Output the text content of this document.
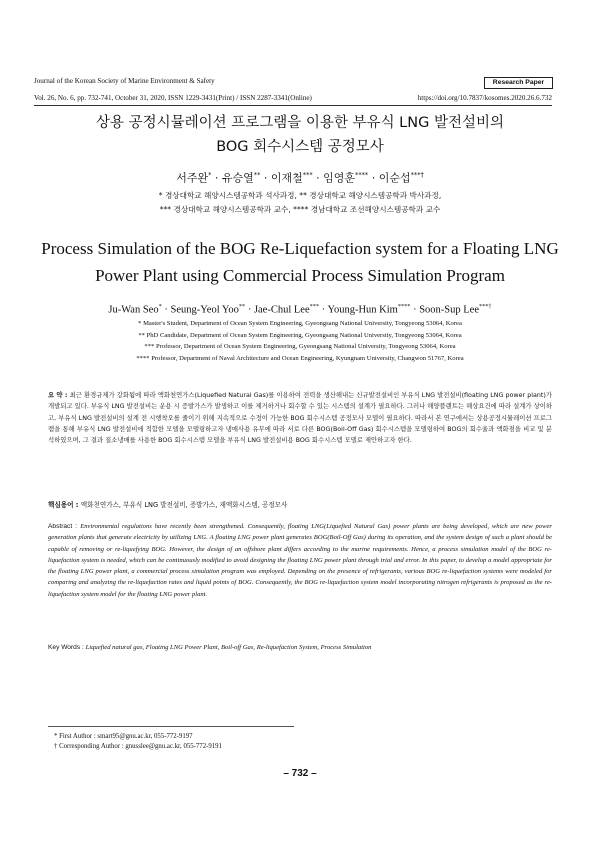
Journal of the Korean Society of Marine Environment & Safety	Research Paper
Vol. 26, No. 6, pp. 732-741, October 31, 2020, ISSN 1229-3431(Print) / ISSN 2287-3341(Online)	https://doi.org/10.7837/kosomes.2020.26.6.732
상용 공정시뮬레이션 프로그램을 이용한 부유식 LNG 발전설비의
BOG 회수시스템 공정모사
서주완* · 유승열** · 이재철*** · 임영훈**** · 이순섭***†
* 경상대학교 해양시스템공학과 석사과정, ** 경상대학교 해양시스템공학과 박사과정,
*** 경상대학교 해양시스템공학과 교수, **** 경남대학교 조선해양시스템공학과 교수
Process Simulation of the BOG Re-Liquefaction system for a Floating LNG
Power Plant using Commercial Process Simulation Program
Ju-Wan Seo* · Seung-Yeol Yoo** · Jae-Chul Lee*** · Young-Hun Kim**** · Soon-Sup Lee***†
* Master's Student, Department of Ocean System Engineering, Gyeongsang National University, Tongyeong 53064, Korea
** PhD Candidate, Department of Ocean System Engineering, Gyeongsang National University, Tongyeong 53064, Korea
*** Professor, Department of Ocean System Engineering, Gyeongsang National University, Tongyeong 53064, Korea
**** Professor, Department of Naval Architecture and Ocean Engineering, Kyungnam University, Changwon 51767, Korea
요 약 : 최근 환경규제가 강화됨에 따라 액화천연가스(Liquefied Natural Gas)를 이용하여 전력을 생산해내는 신규발전설비인 부유식 LNG 발전설비(floating LNG power plant)가 개발되고 있다. 부유식 LNG 발전설비는 운용 시 증발가스가 발생하고 이를 제거하거나 회수할 수 있는 시스템의 설계가 필요하다. 그러나 해양플랜트는 해상요건에 따라 설계가 상이하고, 부유식 LNG 발전설비의 설계 전 시행착오를 줄이기 위해 지속적으로 수정이 가능한 BOG 회수시스템 공정모사 모델이 필요하다. 따라서 본 연구에서는 상용공정시뮬레이션 프로그램을 통해 부유식 LNG 발전설비에 적합한 모델을 모델링하고자 냉매사용 유무에 따라 서로 다른 BOG(Boil-Off Gas) 회수시스템을 모델링하여 BOG의 회수율과 액화점을 비교 및 분석하였으며, 그 결과 질소냉매를 사용한 BOG 회수시스템 모델을 부유식 LNG 발전설비용 BOG 회수시스템 모델로 제안하고자 한다.
핵심용어 : 액화천연가스, 부유식 LNG 발전설비, 증발가스, 재액화시스템, 공정모사
Abstract : Environmental regulations have recently been strengthened. Consequently, floating LNG(Liquefied Natural Gas) power plants are being developed, which are new power generation plants that generate electricity by utilizing LNG. A floating LNG power plant generates BOG(Boil-Off Gas) during its operation, and the system design of such a plant should be capable of removing or re-liquefying BOG. However, the design of an offshore plant differs according to the marine requirements. Hence, a process simulation model of the BOG re-liquefaction system is needed, which can be continuously modified to avoid designing the floating LNG power plant through trial and error. In this paper, to develop a model appropriate for the floating LNG power plant, a commercial process simulation program was employed. Depending on the presence of refrigerants, various BOG re-liquefaction systems were modeled for comparing and analyzing the re-liquefaction rates and liquid points of BOG. Consequently, the BOG re-liquefaction system model incorporating nitrogen refrigerants is proposed as the re-liquefaction system model for the floating LNG power plant.
Key Words : Liquefied natural gas, Floating LNG Power Plant, Boil-off Gas, Re-liquefaction System, Process Simulation
* First Author : smart95@gnu.ac.kr, 055-772-9197
† Corresponding Author : gnusslee@gnu.ac.kr, 055-772-9191
– 732 –
